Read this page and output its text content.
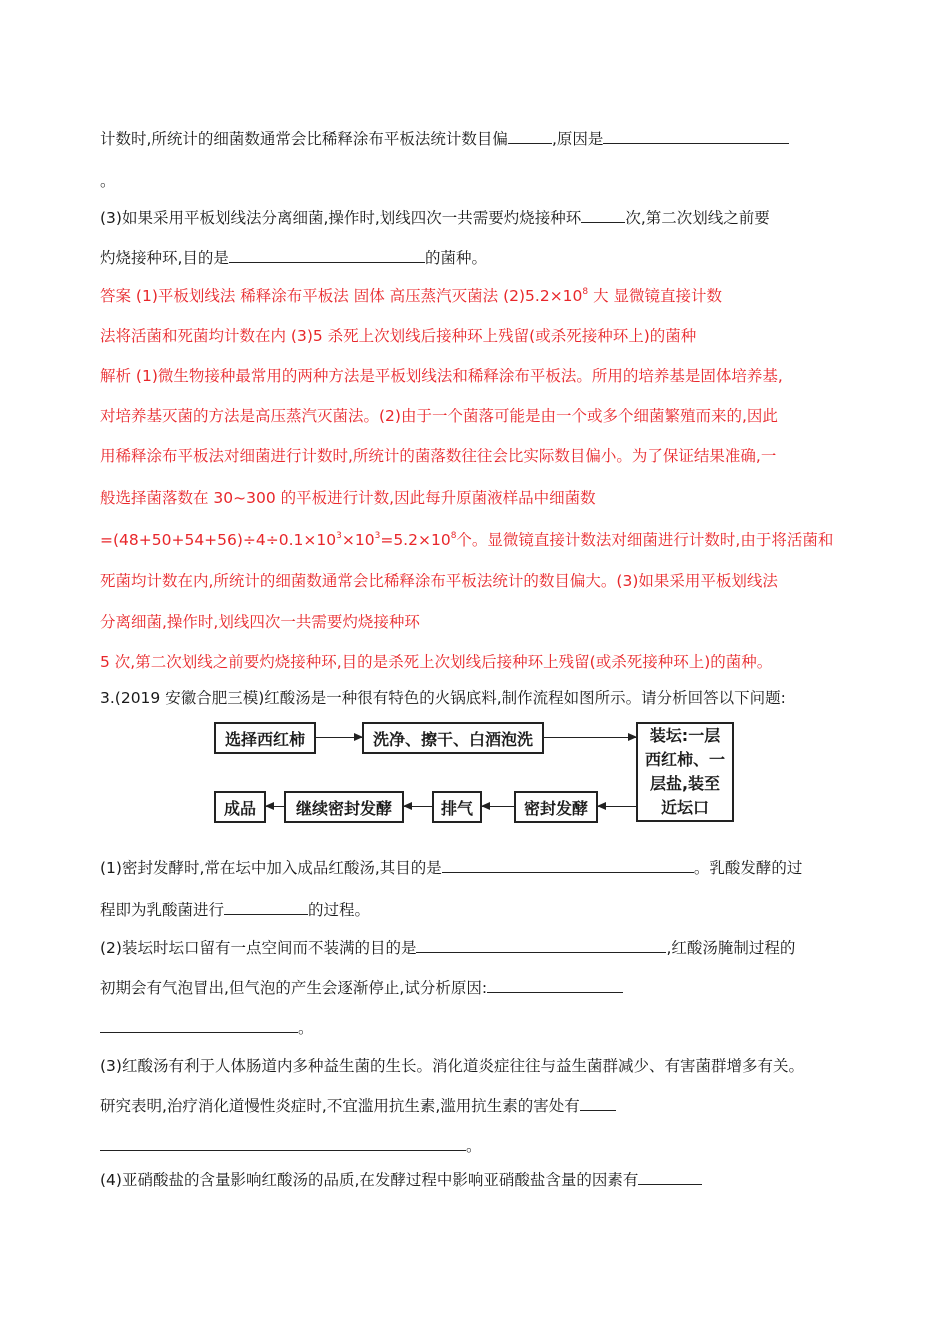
计数时,所统计的细菌数通常会比稀释涂布平板法统计数目偏	,原因是
。
(3)如果采用平板划线法分离细菌,操作时,划线四次一共需要灼烧接种环	次,第二次划线之前要
灼烧接种环,目的是	的菌种。
答案 (1)平板划线法 稀释涂布平板法 固体 高压蒸汽灭菌法 $(2)5.2\times 10^8$ 大 显微镜直接计数
法将活菌和死菌均计数在内 (3)5 杀死上次划线后接种环上残留(或杀死接种环上)的菌种
解析 (1)微生物接种最常用的两种方法是平板划线法和稀释涂布平板法。所用的培养基是固体培养基,
对培养基灭菌的方法是高压蒸汽灭菌法。(2)由于一个菌落可能是由一个或多个细菌繁殖而来的,因此
用稀释涂布平板法对细菌进行计数时,所统计的菌落数往往会比实际数目偏小。为了保证结果准确,一
般选择菌落数在 30~300 的平板进行计数,因此每升原菌液样品中细菌数
$=(48+50+54+56)\div 4\div 0.1\times 10^3\times 10^3=5.2\times 10^8$个。显微镜直接计数法对细菌进行计数时,由于将活菌和
死菌均计数在内,所统计的细菌数通常会比稀释涂布平板法统计的数目偏大。(3)如果采用平板划线法
分离细菌,操作时,划线四次一共需要灼烧接种环
5 次,第二次划线之前要灼烧接种环,目的是杀死上次划线后接种环上残留(或杀死接种环上)的菌种。
3.(2019 安徽合肥三模)红酸汤是一种很有特色的火锅底料,制作流程如图所示。请分析回答以下问题:
选择西红柿	洗净、擦干、白酒泡洗	装坛:一层
西红柿、一
层盐,装至
近坛口
密封发酵
排气
继续密封发酵
成品
(1)密封发酵时,常在坛中加入成品红酸汤,其目的是	。乳酸发酵的过
程即为乳酸菌进行	的过程。
(2)装坛时坛口留有一点空间而不装满的目的是	,红酸汤腌制过程的
初期会有气泡冒出,但气泡的产生会逐渐停止,试分析原因:
。
(3)红酸汤有利于人体肠道内多种益生菌的生长。消化道炎症往往与益生菌群减少、有害菌群增多有关。
研究表明,治疗消化道慢性炎症时,不宜滥用抗生素,滥用抗生素的害处有
。
(4)亚硝酸盐的含量影响红酸汤的品质,在发酵过程中影响亚硝酸盐含量的因素有
